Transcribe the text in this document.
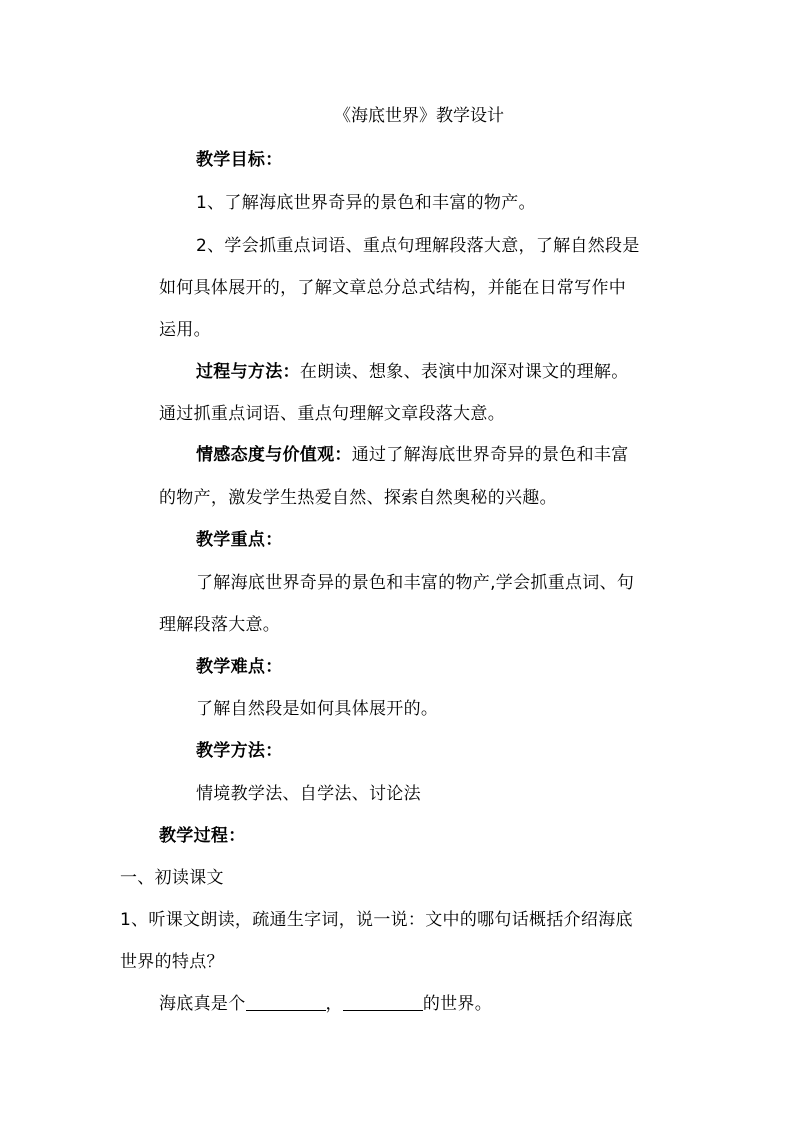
《海底世界》教学设计
教学目标：
1、了解海底世界奇异的景色和丰富的物产。
2、学会抓重点词语、重点句理解段落大意，了解自然段是
如何具体展开的，了解文章总分总式结构，并能在日常写作中
运用。
过程与方法：在朗读、想象、表演中加深对课文的理解。
通过抓重点词语、重点句理解文章段落大意。
情感态度与价值观：通过了解海底世界奇异的景色和丰富
的物产，激发学生热爱自然、探索自然奥秘的兴趣。
教学重点：
了解海底世界奇异的景色和丰富的物产,学会抓重点词、句
理解段落大意。
教学难点：
了解自然段是如何具体展开的。
教学方法：
情境教学法、自学法、讨论法
教学过程：
一、初读课文
1、听课文朗读，疏通生字词，说一说：文中的哪句话概括介绍海底
世界的特点？
海底真是个	，	的世界。
